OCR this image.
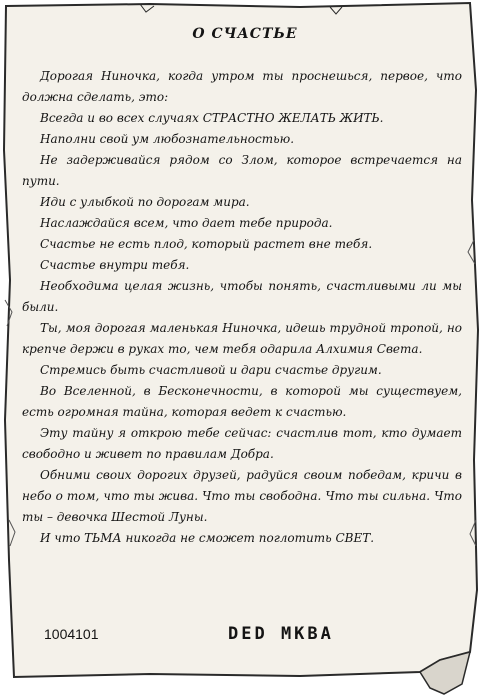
О СЧАСТЬЕ
Дорогая Ниночка, когда утром ты проснешься, первое, что должна сделать, это:
Всегда и во всех случаях СТРАСТНО ЖЕЛАТЬ ЖИТЬ.
Наполни свой ум любознательностью.
Не задерживайся рядом со Злом, которое встречается на пути.
Иди с улыбкой по дорогам мира.
Наслаждайся всем, что дает тебе природа.
Счастье не есть плод, который растет вне тебя.
Счастье внутри тебя.
Необходима целая жизнь, чтобы понять, счастливыми ли мы были.
Ты, моя дорогая маленькая Ниночка, идешь трудной тропой, но крепче держи в руках то, чем тебя одарила Алхимия Света.
Стремись быть счастливой и дари счастье другим.
Во Вселенной, в Бесконечности, в которой мы существуем, есть огромная тайна, которая ведет к счастью.
Эту тайну я открою тебе сейчас: счастлив тот, кто думает свободно и живет по правилам Добра.
Обними своих дорогих друзей, радуйся своим победам, кричи в небо о том, что ты жива. Что ты свободна. Что ты сильна. Что ты – девочка Шестой Луны.
И что ТЬМА никогда не сможет поглотить СВЕТ.
1004101	DED MKBA
